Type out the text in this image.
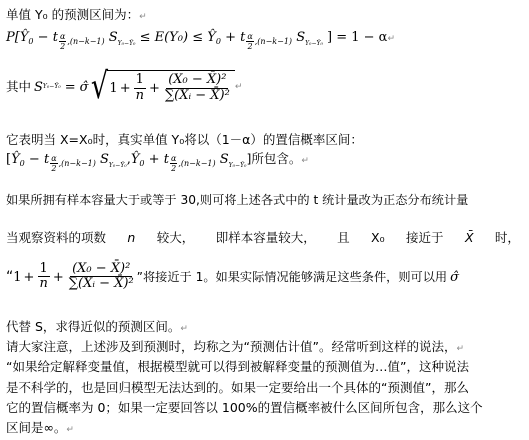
单值 Y₀ 的预测区间为：↵
$P[Ŷ_0 - t$ $_{\frac{\alpha}{2} ,(n-k-1)}$ $S_{Y_0-Ŷ_0} \le E(Y_0)$ ≤ $Ŷ_0 + t$ $_{\frac{\alpha}{2} ,(n-k-1)}$ $S_{Y_0-Ŷ_0}$ ] = 1 − α↵
其中 S Y₀−Ŷ₀ = σ̂ √ $1 + \frac{1}{n} + \frac{\text{(X₀ − X̄)²}}{\text{∑(Xᵢ − X̄)²}}$ ↵
它表明当 X=X₀时，真实单值 Y₀将以（1－α）的置信概率区间：
[$Ŷ_0 - t$ $_{\frac{\alpha}{2} ,(n-k-1)}$ $S_{Y_0-Ŷ_0},Ŷ_0 + t$ $_{\frac{\alpha}{2} ,(n-k-1)}$ $S_{Y_0-Ŷ_0}$]所包含。↵
如果所拥有样本容量大于或等于 30,则可将上述各式中的 t 统计量改为正态分布统计量
当观察资料的项数 n 较大， 即样本容量较大， 且 X₀ 接近于 X̄ 时，
“ $1 + \frac{1}{n} + \frac{\text{(X₀ − X̄)²}}{\text{∑(Xᵢ − X̄)²}}$ ”将接近于 1。如果实际情况能够满足这些条件，则可以用 σ̂
代替 S，求得近似的预测区间。↵
请大家注意，上述涉及到预测时，均称之为“预测估计值”。经常听到这样的说法，↵
“如果给定解释变量值，根据模型就可以得到被解释变量的预测值为…值”，这种说法
是不科学的，也是回归模型无法达到的。如果一定要给出一个具体的“预测值”，那么
它的置信概率为 0；如果一定要回答以 100%的置信概率被什么区间所包含，那么这个
区间是∞。↵
